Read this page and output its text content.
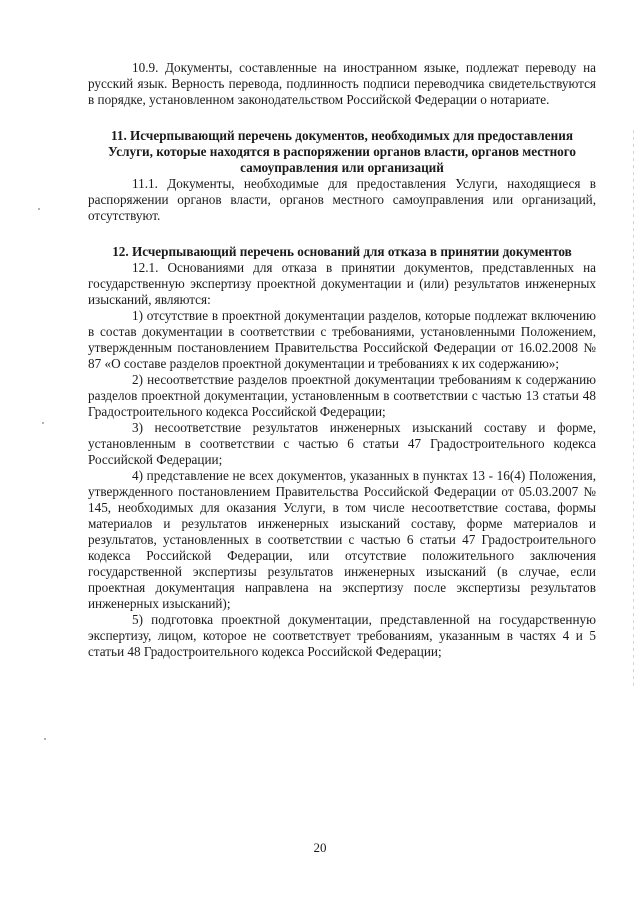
10.9. Документы, составленные на иностранном языке, подлежат переводу на русский язык. Верность перевода, подлинность подписи переводчика свидетельствуются в порядке, установленном законодательством Российской Федерации о нотариате.

11. Исчерпывающий перечень документов, необходимых для предоставления Услуги, которые находятся в распоряжении органов власти, органов местного самоуправления или организаций

11.1. Документы, необходимые для предоставления Услуги, находящиеся в распоряжении органов власти, органов местного самоуправления или организаций, отсутствуют.

12. Исчерпывающий перечень оснований для отказа в принятии документов

12.1. Основаниями для отказа в принятии документов, представленных на государственную экспертизу проектной документации и (или) результатов инженерных изысканий, являются:

1) отсутствие в проектной документации разделов, которые подлежат включению в состав документации в соответствии с требованиями, установленными Положением, утвержденным постановлением Правительства Российской Федерации от 16.02.2008 № 87 «О составе разделов проектной документации и требованиях к их содержанию»;

2) несоответствие разделов проектной документации требованиям к содержанию разделов проектной документации, установленным в соответствии с частью 13 статьи 48 Градостроительного кодекса Российской Федерации;

3) несоответствие результатов инженерных изысканий составу и форме, установленным в соответствии с частью 6 статьи 47 Градостроительного кодекса Российской Федерации;

4) представление не всех документов, указанных в пунктах 13 - 16(4) Положения, утвержденного постановлением Правительства Российской Федерации от 05.03.2007 № 145, необходимых для оказания Услуги, в том числе несоответствие состава, формы материалов и результатов инженерных изысканий составу, форме материалов и результатов, установленных в соответствии с частью 6 статьи 47 Градостроительного кодекса Российской Федерации, или отсутствие положительного заключения государственной экспертизы результатов инженерных изысканий (в случае, если проектная документация направлена на экспертизу после экспертизы результатов инженерных изысканий);

5) подготовка проектной документации, представленной на государственную экспертизу, лицом, которое не соответствует требованиям, указанным в частях 4 и 5 статьи 48 Градостроительного кодекса Российской Федерации;

20
